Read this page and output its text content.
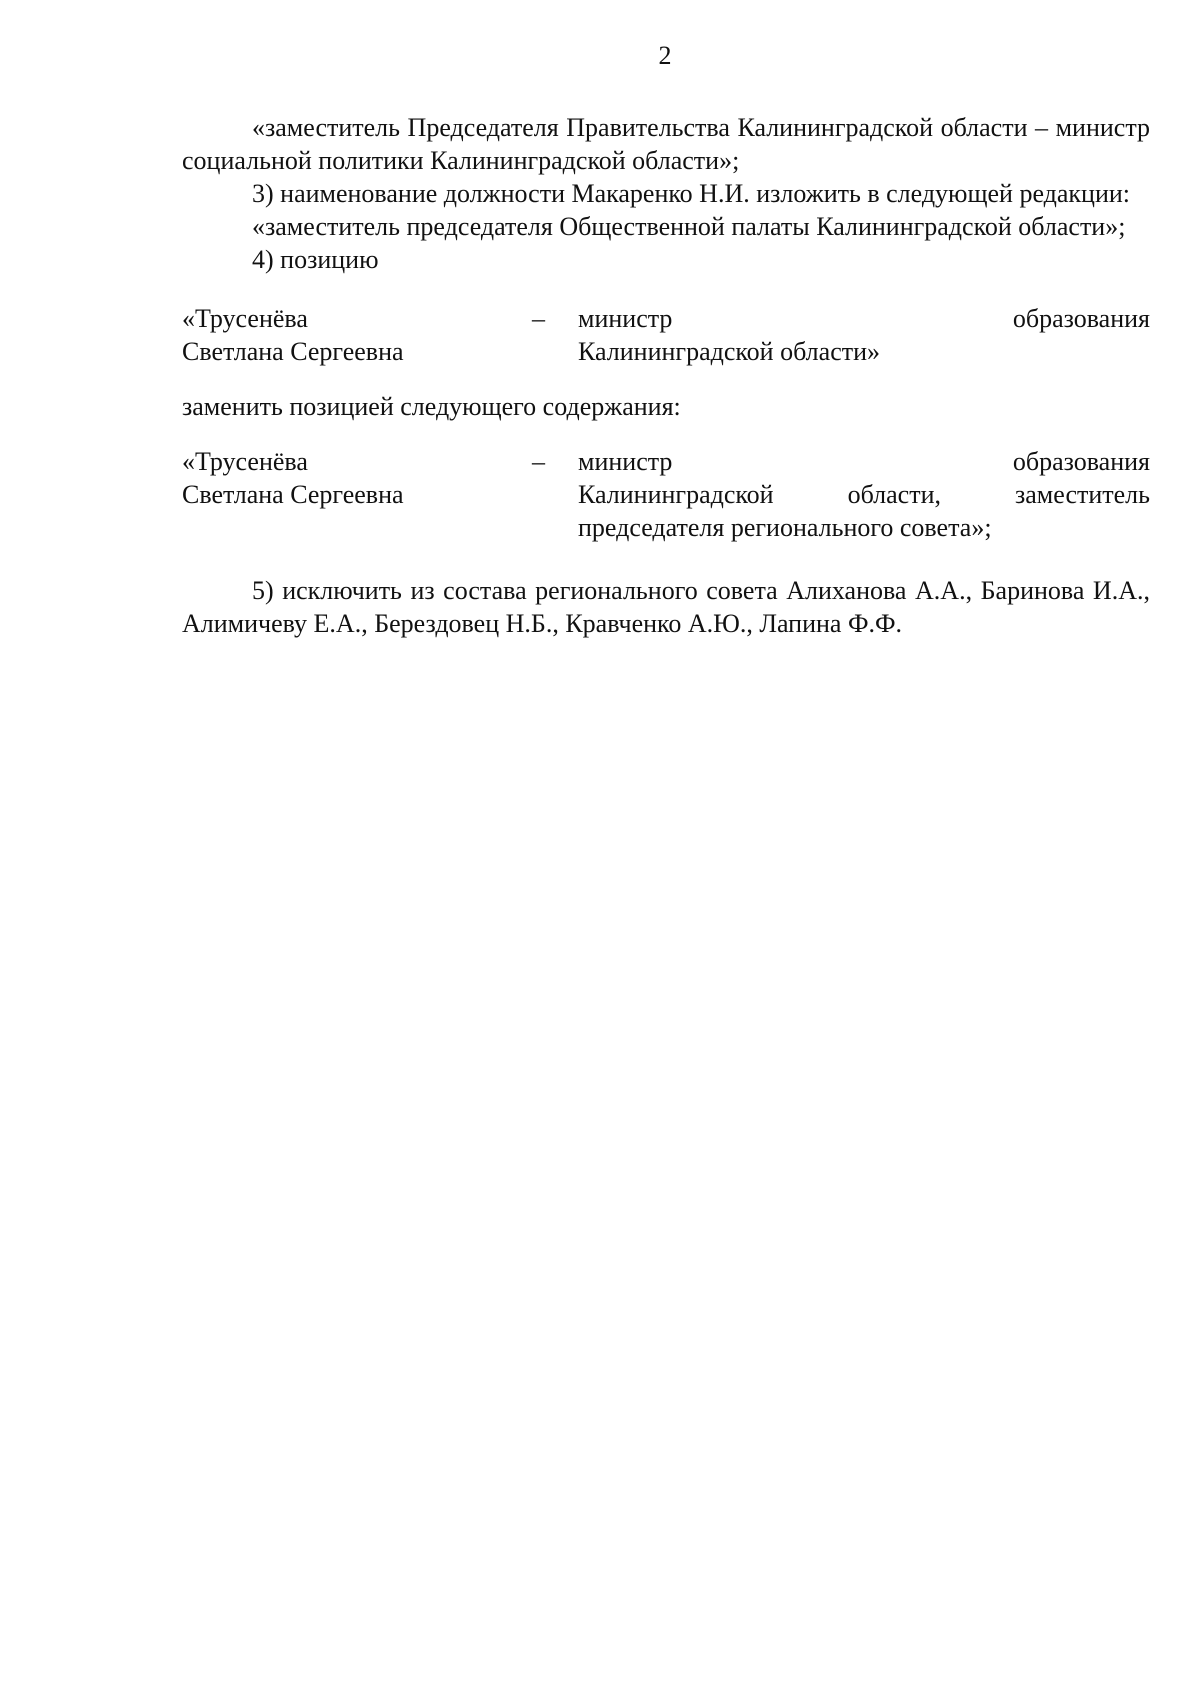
2

«заместитель Председателя Правительства Калининградской области – министр социальной политики Калининградской области»;

3) наименование должности Макаренко Н.И. изложить в следующей редакции:

«заместитель председателя Общественной палаты Калининградской области»;

4) позицию

«Трусенёва
Светлана Сергеевна
–	министр образования
Калининградской области»

заменить позицией следующего содержания:

«Трусенёва
Светлана Сергеевна
–	министр образования
Калининградской области, заместитель
председателя регионального совета»;

5) исключить из состава регионального совета Алиханова А.А., Баринова И.А., Алимичеву Е.А., Берездовец Н.Б., Кравченко А.Ю., Лапина Ф.Ф.
